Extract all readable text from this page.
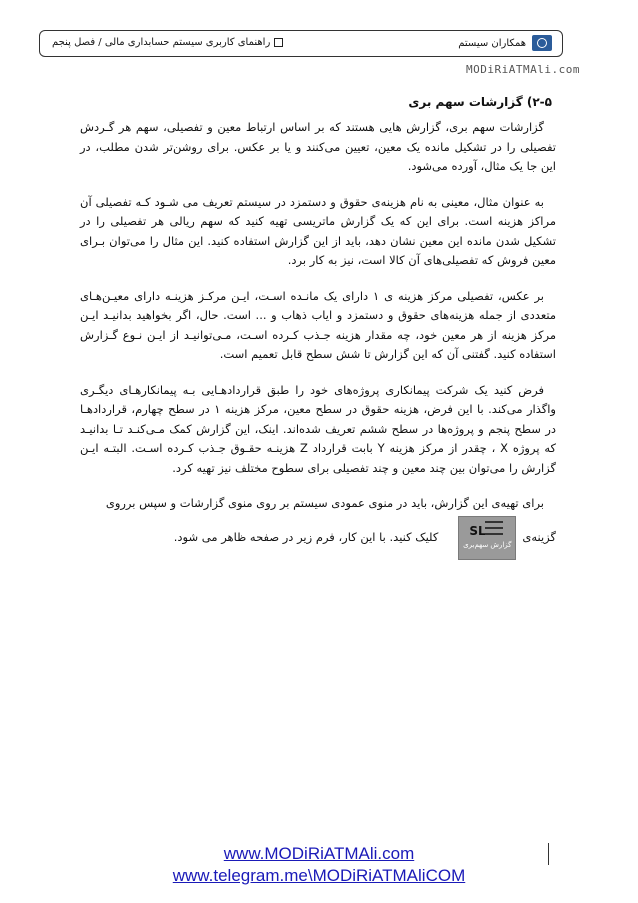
راهنمای کاربری سیستم حسابداری مالی / فصل پنجم	همکاران سیستم
MODiRiATMAli.com
۲-۵) گزارشات سهم بری

گزارشات سهم بری، گزارش هایی هستند که بر اساس ارتباط معین و تفصیلی، سهم هر گـردش تفصیلی را در تشکیل مانده یک معین، تعیین می‌کنند و یا بر عکس. برای روشن‌تر شدن مطلب، در این جا یک مثال، آورده می‌شود.

به عنوان مثال، معینی به نام هزینه‌ی حقوق و دستمزد در سیستم تعریف می شـود کـه تفصیلی آن مراکز هزینه است. برای این که یک گزارش ماتریسی تهیه کنید که سهم ریالی هر تفصیلی را در تشکیل شدن مانده این معین نشان دهد، باید از این گزارش استفاده کنید. این مثال را می‌توان بـرای معین فروش که تفصیلی‌های آن کالا است، نیز به کار برد.

بر عکس، تفصیلی مرکز هزینه ی ۱ دارای یک مانـده اسـت، ایـن مرکـز هزینـه دارای معیـن‌هـای متعددی از جمله هزینه‌های حقوق و دستمزد و ایاب ذهاب و ... است. حال، اگر بخواهید بدانیـد ایـن مرکز هزینه از هر معین خود، چه مقدار هزینه جـذب کـرده اسـت، مـی‌توانیـد از ایـن نـوع گـزارش استفاده کنید. گفتنی آن که این گزارش تا شش سطح قابل تعمیم است.

فرض کنید یک شرکت پیمانکاری پروژه‌های خود را طبق قراردادهـایی بـه پیمانکارهـای دیگـری واگذار می‌کند. با این فرض، هزینه حقوق در سطح معین، مرکز هزینه ۱ در سطح چهارم، قراردادهـا در سطح پنجم و پروژه‌ها در سطح ششم تعریف شده‌اند. اینک، این گزارش کمک مـی‌کنـد تـا بدانیـد که پروژه X ، چقدر از مرکز هزینه Y بابت قرارداد Z هزینـه حقـوق جـذب کـرده اسـت. البتـه ایـن گزارش را می‌توان بین چند معین و چند تفصیلی برای سطوح مختلف نیز تهیه کرد.

برای تهیه‌ی این گزارش، باید در منوی عمودی سیستم بر روی منوی گزارشات و سپس برروی

گزینه‌ی
SL
گزارش سهم‌بری
کلیک کنید. با این کار، فرم زیر در صفحه ظاهر می شود.
www.MODiRiATMAli.com
www.telegram.me\MODiRiATMAliCOM
